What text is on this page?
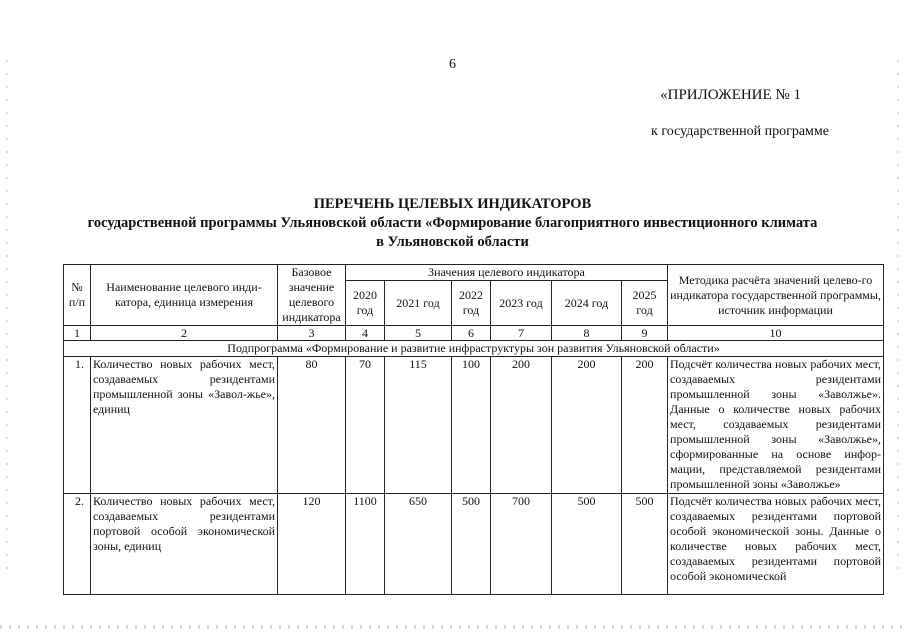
6
«ПРИЛОЖЕНИЕ № 1
к государственной программе
ПЕРЕЧЕНЬ ЦЕЛЕВЫХ ИНДИКАТОРОВ
государственной программы Ульяновской области «Формирование благоприятного инвестиционного климата
в Ульяновской области
№ п/п	Наименование целевого инди-катора, единица измерения	Базовое значение целевого индикатора	Значения целевого индикатора						Методика расчёта значений целево-го индикатора государственной программы, источник информации
			2020 год	2021 год	2022 год	2023 год	2024 год	2025 год	
1	2	3	4	5	6	7	8	9	10
Подпрограмма «Формирование и развитие инфраструктуры зон развития Ульяновской области»									
1.	Количество новых рабочих мест, создаваемых резидентами промышленной зоны «Завол-жье», единиц	80	70	115	100	200	200	200	Подсчёт количества новых рабочих мест, создаваемых резидентами промышленной зоны «Заволжье». Данные о количестве новых рабочих мест, создаваемых резидентами промышленной зоны «Заволжье», сформированные на основе инфор-мации, представляемой резидентами промышленной зоны «Заволжье»
2.	Количество новых рабочих мест, создаваемых резидентами портовой особой экономической зоны, единиц	120	1100	650	500	700	500	500	Подсчёт количества новых рабочих мест, создаваемых резидентами портовой особой экономической зоны. Данные о количестве новых рабочих мест, создаваемых резидентами портовой особой экономической
